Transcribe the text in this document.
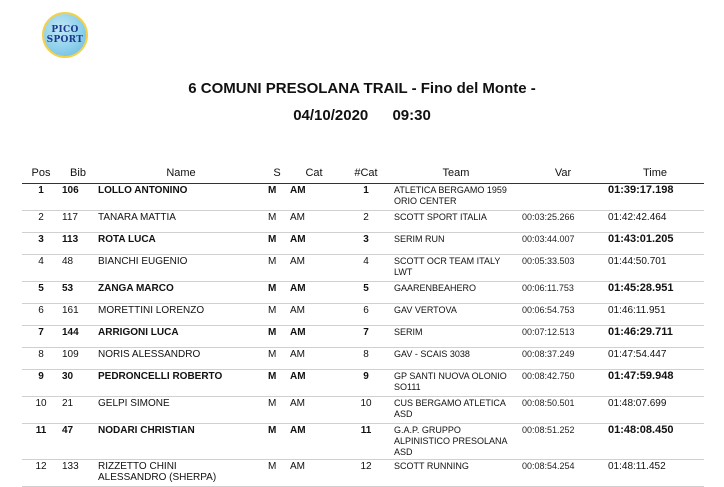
PICO
SPORT
6 COMUNI PRESOLANA TRAIL - Fino del Monte -
04/10/2020 09:30
Pos	Bib	Name	S	Cat	#Cat	Team	Var	Time
1	106	LOLLO ANTONINO	M	AM	1	ATLETICA BERGAMO 1959 ORIO CENTER		01:39:17.198
2	117	TANARA MATTIA	M	AM	2	SCOTT SPORT ITALIA	00:03:25.266	01:42:42.464
3	113	ROTA LUCA	M	AM	3	SERIM RUN	00:03:44.007	01:43:01.205
4	48	BIANCHI EUGENIO	M	AM	4	SCOTT OCR TEAM ITALY LWT	00:05:33.503	01:44:50.701
5	53	ZANGA MARCO	M	AM	5	GAARENBEAHERO	00:06:11.753	01:45:28.951
6	161	MORETTINI LORENZO	M	AM	6	GAV VERTOVA	00:06:54.753	01:46:11.951
7	144	ARRIGONI LUCA	M	AM	7	SERIM	00:07:12.513	01:46:29.711
8	109	NORIS ALESSANDRO	M	AM	8	GAV - SCAIS 3038	00:08:37.249	01:47:54.447
9	30	PEDRONCELLI ROBERTO	M	AM	9	GP SANTI NUOVA OLONIO SO111	00:08:42.750	01:47:59.948
10	21	GELPI SIMONE	M	AM	10	CUS BERGAMO ATLETICA ASD	00:08:50.501	01:48:07.699
11	47	NODARI CHRISTIAN	M	AM	11	G.A.P. GRUPPO ALPINISTICO PRESOLANA ASD	00:08:51.252	01:48:08.450
12	133	RIZZETTO CHINI
ALESSANDRO (SHERPA)	M	AM	12	SCOTT RUNNING	00:08:54.254	01:48:11.452
